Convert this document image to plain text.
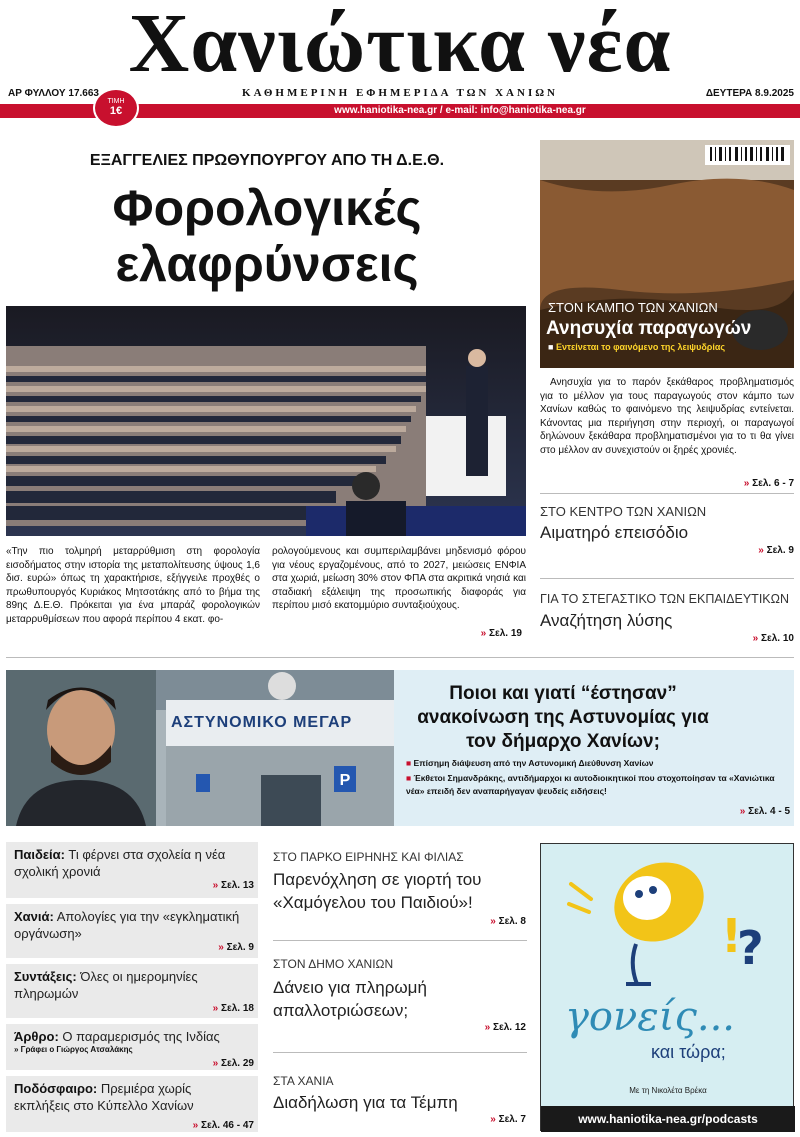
Χανιώτικα νέα
ΑΡ ΦΥΛΛΟΥ 17.663	ΚΑΘΗΜΕΡΙΝΗ ΕΦΗΜΕΡΙΔΑ ΤΩΝ ΧΑΝΙΩΝ	ΔΕΥΤΕΡΑ 8.9.2025
www.haniotika-nea.gr / e-mail: info@haniotika-nea.gr
ΤΙΜΗ
1€
ΕΞΑΓΓΕΛΙΕΣ ΠΡΩΘΥΠΟΥΡΓΟΥ ΑΠΟ ΤΗ Δ.Ε.Θ.
Φορολογικές ελαφρύνσεις
«Την πιο τολμηρή μεταρρύθμιση στη φορολογία εισοδήματος στην ιστορία της μεταπολίτευσης ύψους 1,6 δισ. ευρώ» όπως τη χαρακτήρισε, εξήγγειλε προχθές ο πρωθυπουργός Κυριάκος Μητσοτάκης από το βήμα της 89ης Δ.Ε.Θ. Πρόκειται για ένα μπαράζ φορολογικών μεταρρυθμίσεων που αφορά περίπου 4 εκατ. φο-
ρολογούμενους και συμπεριλαμβάνει μηδενισμό φόρου για νέους εργαζομένους, από το 2027, μειώσεις ΕΝΦΙΑ στα χωριά, μείωση 30% στον ΦΠΑ στα ακριτικά νησιά και σταδιακή εξάλειψη της προσωπικής διαφοράς για περίπου μισό εκατομμύριο συνταξιούχους.
» Σελ. 19
ΣΤΟΝ ΚΑΜΠΟ ΤΩΝ ΧΑΝΙΩΝ
Ανησυχία παραγωγών
■ Εντείνεται το φαινόμενο της λειψυδρίας
Ανησυχία για το παρόν ξεκάθαρος προβληματισμός για το μέλλον για τους παραγωγούς στον κάμπο των Χανίων καθώς το φαινόμενο της λειψυδρίας εντείνεται. Κάνοντας μια περιήγηση στην περιοχή, οι παραγωγοί δηλώνουν ξεκάθαρα προβληματισμένοι για το τι θα γίνει στο μέλλον αν συνεχιστούν οι ξηρές χρονιές.
» Σελ. 6 - 7
ΣΤΟ ΚΕΝΤΡΟ ΤΩΝ ΧΑΝΙΩΝ
Αιματηρό επεισόδιο
» Σελ. 9
ΓΙΑ ΤΟ ΣΤΕΓΑΣΤΙΚΟ ΤΩΝ ΕΚΠΑΙΔΕΥΤΙΚΩΝ
Αναζήτηση λύσης
» Σελ. 10
P
ΑΣΤΥΝΟΜΙΚΟ ΜΕΓΑΡ
Ποιοι και γιατί “έστησαν” ανακοίνωση της Αστυνομίας για τον δήμαρχο Χανίων;
■ Επίσημη διάψευση από την Αστυνομική Διεύθυνση Χανίων
■ Έκθετοι Σημανδράκης, αντιδήμαρχοι κι αυτοδιοικητικοί που στοχοποίησαν τα «Χανιώτικα νέα» επειδή δεν αναπαρήγαγαν ψευδείς ειδήσεις!
» Σελ. 4 - 5
Παιδεία: Τι φέρνει στα σχολεία η νέα σχολική χρονιά
» Σελ. 13
Χανιά: Απολογίες για την «εγκληματική οργάνωση»
» Σελ. 9
Συντάξεις: Όλες οι ημερομηνίες πληρωμών
» Σελ. 18
Άρθρο: Ο παραμερισμός της Ινδίας
» Γράφει ο Γιώργος Ατσαλάκης
» Σελ. 29
Ποδόσφαιρο: Πρεμιέρα χωρίς εκπλήξεις στο Κύπελλο Χανίων
» Σελ. 46 - 47
ΣΤΟ ΠΑΡΚΟ ΕΙΡΗΝΗΣ ΚΑΙ ΦΙΛΙΑΣ
Παρενόχληση σε γιορτή του «Χαμόγελου του Παιδιού»!
» Σελ. 8
ΣΤΟΝ ΔΗΜΟ ΧΑΝΙΩΝ
Δάνειο για πληρωμή απαλλοτριώσεων;
» Σελ. 12
ΣΤΑ ΧΑΝΙΑ
Διαδήλωση για τα Τέμπη
» Σελ. 7
!
?
γονείς...
και τώρα;
Με τη Νικολέτα Βρέκα
www.haniotika-nea.gr/podcasts
